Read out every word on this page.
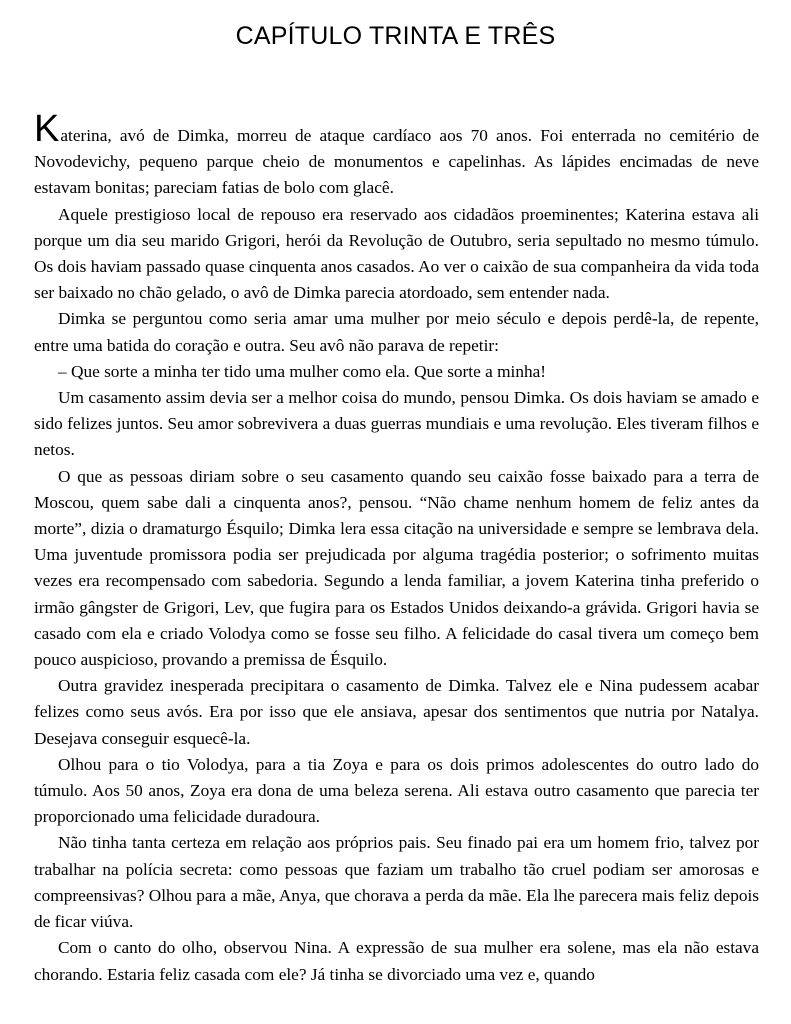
CAPÍTULO TRINTA E TRÊS

Katerina, avó de Dimka, morreu de ataque cardíaco aos 70 anos. Foi enterrada no cemitério de Novodevichy, pequeno parque cheio de monumentos e capelinhas. As lápides encimadas de neve estavam bonitas; pareciam fatias de bolo com glacê.

Aquele prestigioso local de repouso era reservado aos cidadãos proeminentes; Katerina estava ali porque um dia seu marido Grigori, herói da Revolução de Outubro, seria sepultado no mesmo túmulo. Os dois haviam passado quase cinquenta anos casados. Ao ver o caixão de sua companheira da vida toda ser baixado no chão gelado, o avô de Dimka parecia atordoado, sem entender nada.

Dimka se perguntou como seria amar uma mulher por meio século e depois perdê-la, de repente, entre uma batida do coração e outra. Seu avô não parava de repetir:

– Que sorte a minha ter tido uma mulher como ela. Que sorte a minha!

Um casamento assim devia ser a melhor coisa do mundo, pensou Dimka. Os dois haviam se amado e sido felizes juntos. Seu amor sobrevivera a duas guerras mundiais e uma revolução. Eles tiveram filhos e netos.

O que as pessoas diriam sobre o seu casamento quando seu caixão fosse baixado para a terra de Moscou, quem sabe dali a cinquenta anos?, pensou. “Não chame nenhum homem de feliz antes da morte”, dizia o dramaturgo Ésquilo; Dimka lera essa citação na universidade e sempre se lembrava dela. Uma juventude promissora podia ser prejudicada por alguma tragédia posterior; o sofrimento muitas vezes era recompensado com sabedoria. Segundo a lenda familiar, a jovem Katerina tinha preferido o irmão gângster de Grigori, Lev, que fugira para os Estados Unidos deixando-a grávida. Grigori havia se casado com ela e criado Volodya como se fosse seu filho. A felicidade do casal tivera um começo bem pouco auspicioso, provando a premissa de Ésquilo.

Outra gravidez inesperada precipitara o casamento de Dimka. Talvez ele e Nina pudessem acabar felizes como seus avós. Era por isso que ele ansiava, apesar dos sentimentos que nutria por Natalya. Desejava conseguir esquecê-la.

Olhou para o tio Volodya, para a tia Zoya e para os dois primos adolescentes do outro lado do túmulo. Aos 50 anos, Zoya era dona de uma beleza serena. Ali estava outro casamento que parecia ter proporcionado uma felicidade duradoura.

Não tinha tanta certeza em relação aos próprios pais. Seu finado pai era um homem frio, talvez por trabalhar na polícia secreta: como pessoas que faziam um trabalho tão cruel podiam ser amorosas e compreensivas? Olhou para a mãe, Anya, que chorava a perda da mãe. Ela lhe parecera mais feliz depois de ficar viúva.

Com o canto do olho, observou Nina. A expressão de sua mulher era solene, mas ela não estava chorando. Estaria feliz casada com ele? Já tinha se divorciado uma vez e, quando
